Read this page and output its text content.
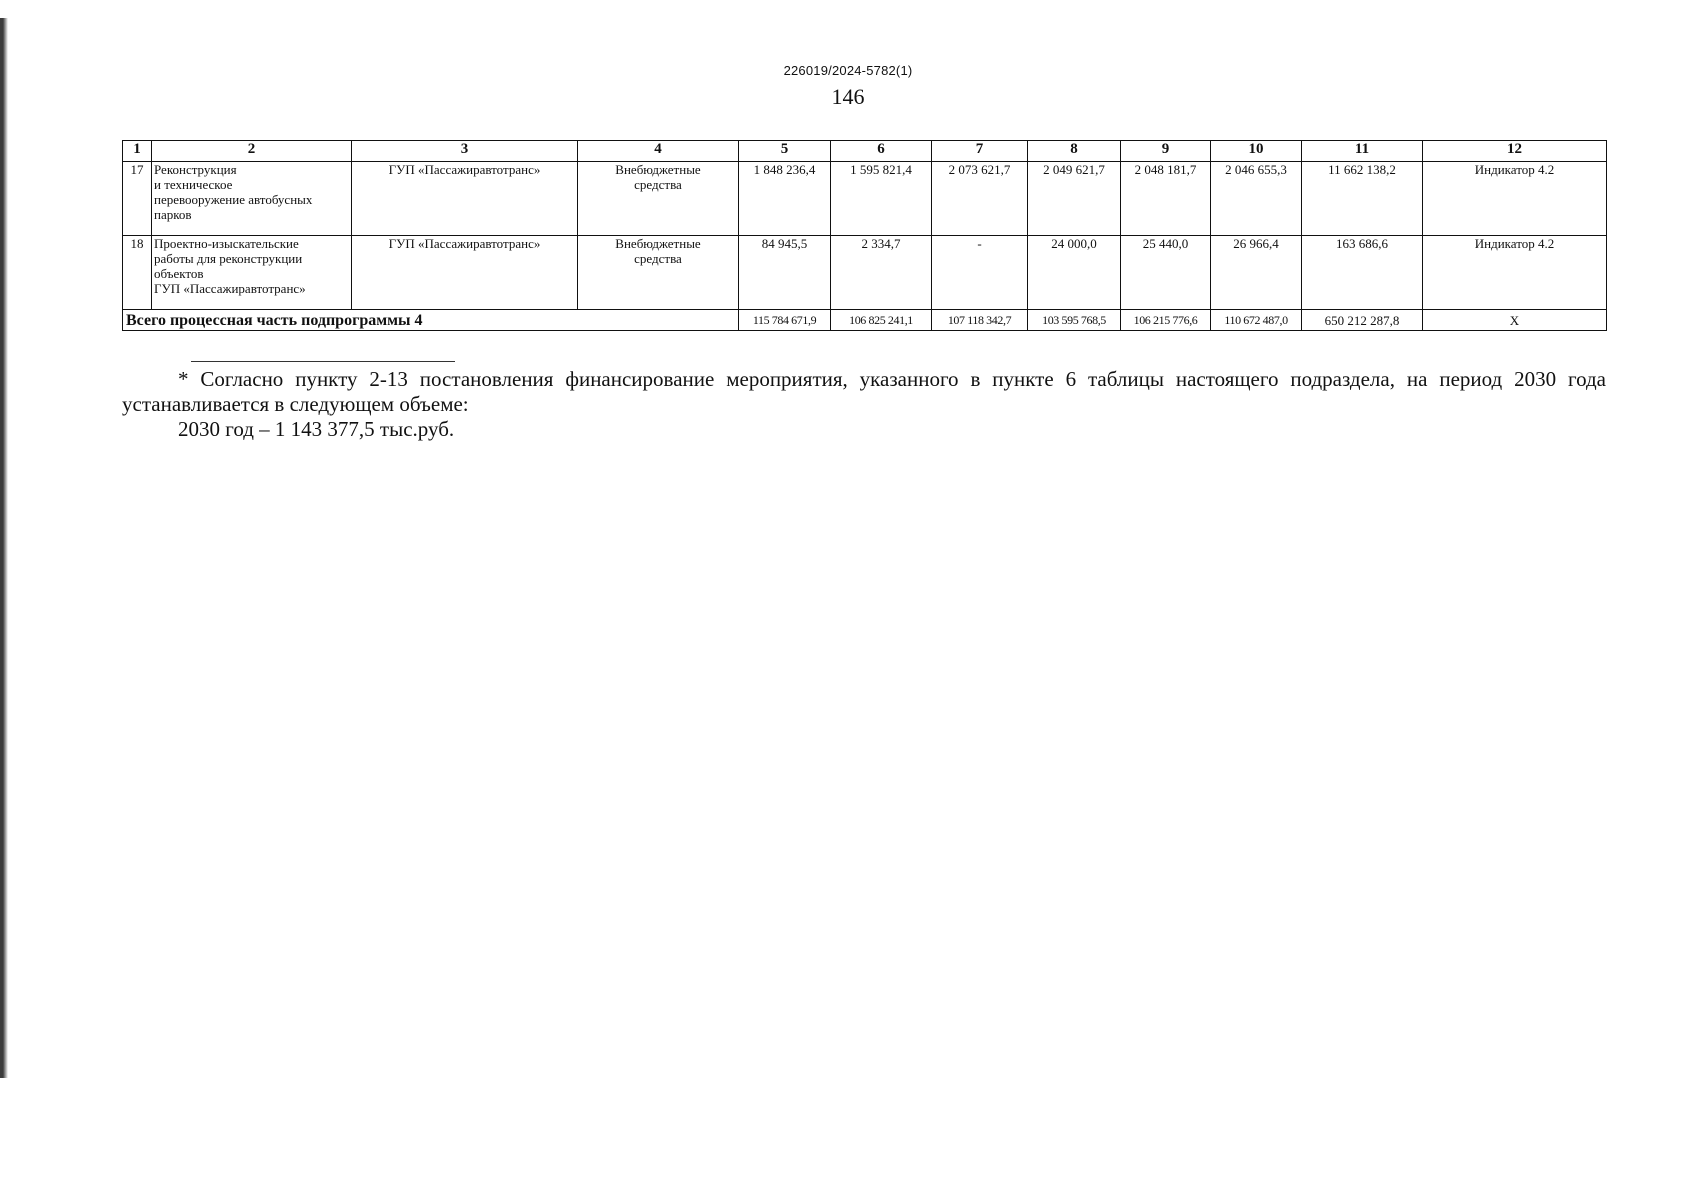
226019/2024-5782(1)
146
1	2	3	4	5	6	7	8	9	10	11	12
17	Реконструкция
и техническое
перевооружение автобусных
парков	ГУП «Пассажиравтотранс»	Внебюджетные
средства	1 848 236,4	1 595 821,4	2 073 621,7	2 049 621,7	2 048 181,7	2 046 655,3	11 662 138,2	Индикатор 4.2
18	Проектно-изыскательские
работы для реконструкции
объектов
ГУП «Пассажиравтотранс»	ГУП «Пассажиравтотранс»	Внебюджетные
средства	84 945,5	2 334,7	-	24 000,0	25 440,0	26 966,4	163 686,6	Индикатор 4.2
Всего процессная часть подпрограммы 4				115 784 671,9	106 825 241,1	107 118 342,7	103 595 768,5	106 215 776,6	110 672 487,0	650 212 287,8	Х

* Согласно пункту 2-13 постановления финансирование мероприятия, указанного в пункте 6 таблицы настоящего подраздела, на период 2030 года устанавливается в следующем объеме:

2030 год – 1 143 377,5 тыс.руб.
